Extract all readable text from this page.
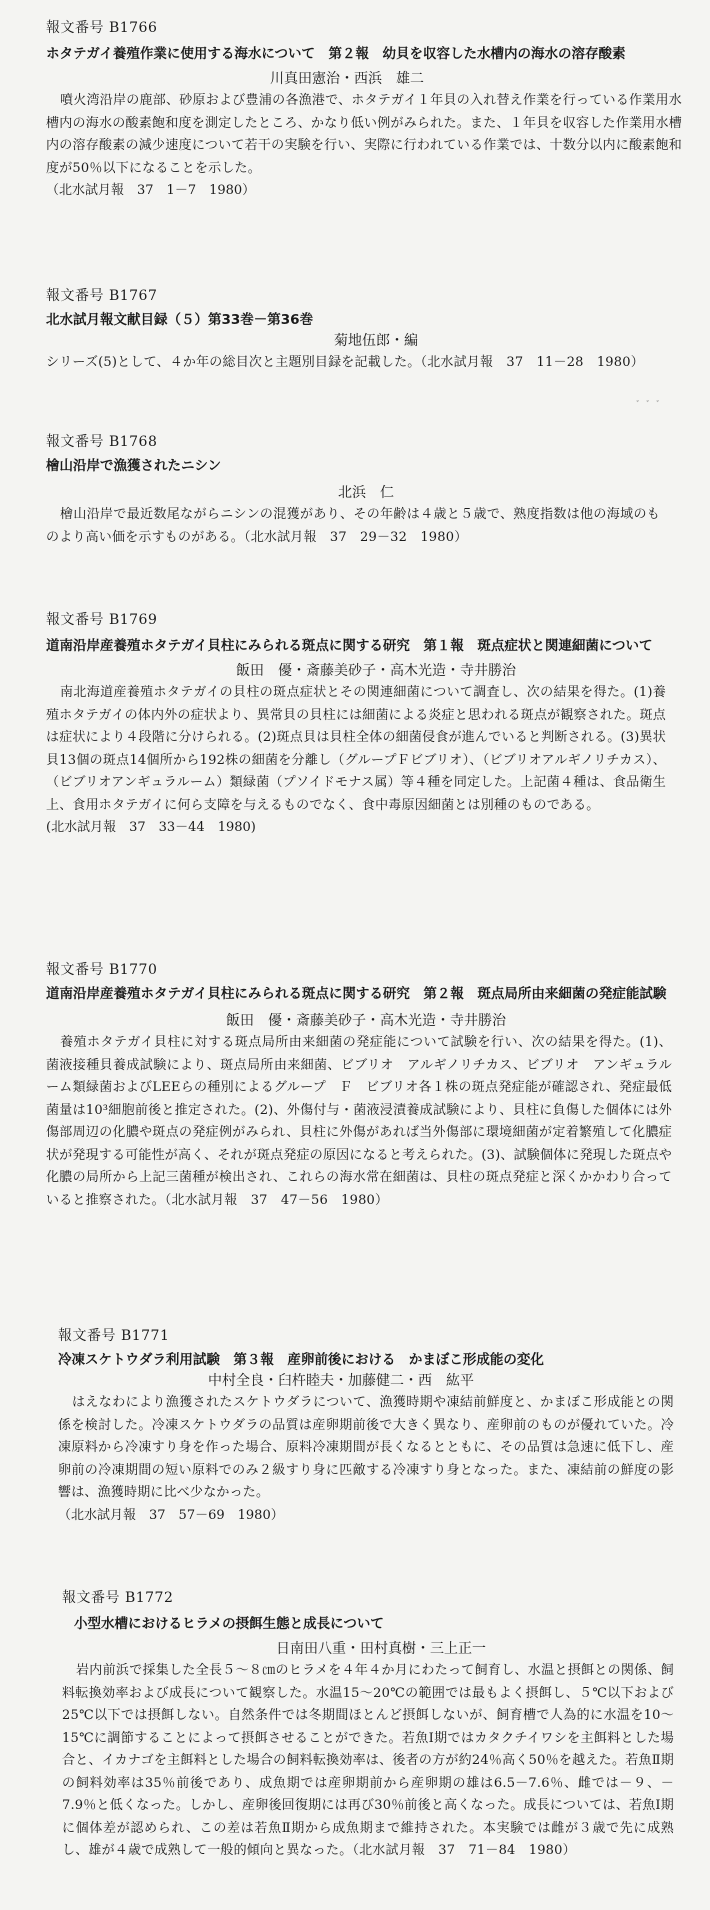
報文番号 B1766

ホタテガイ養殖作業に使用する海水について　第２報　幼貝を収容した水槽内の海水の溶存酸素

川真田憲治・西浜　雄二

噴火湾沿岸の鹿部、砂原および豊浦の各漁港で、ホタテガイ１年貝の入れ替え作業を行っている作業用水槽内の海水の酸素飽和度を測定したところ、かなり低い例がみられた。また、１年貝を収容した作業用水槽内の溶存酸素の減少速度について若干の実験を行い、実際に行われている作業では、十数分以内に酸素飽和度が50％以下になることを示した。

（北水試月報　37　1－7　1980）

報文番号 B1767

北水試月報文献目録（５）第33巻－第36巻

菊地伍郎・編

シリーズ(5)として、４か年の総目次と主題別目録を記載した。（北水試月報　37　11－28　1980）

゛゛゛

報文番号 B1768

檜山沿岸で漁獲されたニシン

北浜　仁

檜山沿岸で最近数尾ながらニシンの混獲があり、その年齢は４歳と５歳で、熟度指数は他の海域のものより高い価を示すものがある。（北水試月報　37　29－32　1980）

報文番号 B1769

道南沿岸産養殖ホタテガイ貝柱にみられる斑点に関する研究　第１報　斑点症状と関連細菌について

飯田　優・斎藤美砂子・高木光造・寺井勝治

南北海道産養殖ホタテガイの貝柱の斑点症状とその関連細菌について調査し、次の結果を得た。(1)養殖ホタテガイの体内外の症状より、異常貝の貝柱には細菌による炎症と思われる斑点が観察された。斑点は症状により４段階に分けられる。(2)斑点貝は貝柱全体の細菌侵食が進んでいると判断される。(3)異状貝13個の斑点14個所から192株の細菌を分離し（グループＦビブリオ）、（ビブリオアルギノリチカス）、（ビブリオアンギュラルーム）類緑菌（プソイドモナス属）等４種を同定した。上記菌４種は、食品衛生上、食用ホタテガイに何ら支障を与えるものでなく、食中毒原因細菌とは別種のものである。

(北水試月報　37　33－44　1980)

報文番号 B1770

道南沿岸産養殖ホタテガイ貝柱にみられる斑点に関する研究　第２報　斑点局所由来細菌の発症能試験

飯田　優・斎藤美砂子・高木光造・寺井勝治

養殖ホタテガイ貝柱に対する斑点局所由来細菌の発症能について試験を行い、次の結果を得た。(1)、菌液接種貝養成試験により、斑点局所由来細菌、ビブリオ　アルギノリチカス、ビブリオ　アンギュラルーム類緑菌およびLEEらの種別によるグループ　Ｆ　ビブリオ各１株の斑点発症能が確認され、発症最低菌量は10³細胞前後と推定された。(2)、外傷付与・菌液浸漬養成試験により、貝柱に負傷した個体には外傷部周辺の化膿や斑点の発症例がみられ、貝柱に外傷があれば当外傷部に環境細菌が定着繁殖して化膿症状が発現する可能性が高く、それが斑点発症の原因になると考えられた。(3)、試験個体に発現した斑点や化膿の局所から上記三菌種が検出され、これらの海水常在細菌は、貝柱の斑点発症と深くかかわり合っていると推察された。（北水試月報　37　47－56　1980）

報文番号 B1771

冷凍スケトウダラ利用試験　第３報　産卵前後における　かまぼこ形成能の変化

中村全良・臼杵睦夫・加藤健二・西　紘平

はえなわにより漁獲されたスケトウダラについて、漁獲時期や凍結前鮮度と、かまぼこ形成能との関係を検討した。冷凍スケトウダラの品質は産卵期前後で大きく異なり、産卵前のものが優れていた。冷凍原料から冷凍すり身を作った場合、原料冷凍期間が長くなるとともに、その品質は急速に低下し、産卵前の冷凍期間の短い原料でのみ２級すり身に匹敵する冷凍すり身となった。また、凍結前の鮮度の影響は、漁獲時期に比べ少なかった。

（北水試月報　37　57－69　1980）

報文番号 B1772

小型水槽におけるヒラメの摂餌生態と成長について

日南田八重・田村真樹・三上正一

岩内前浜で採集した全長５～８㎝のヒラメを４年４か月にわたって飼育し、水温と摂餌との関係、飼料転換効率および成長について観察した。水温15～20℃の範囲では最もよく摂餌し、５℃以下および25℃以下では摂餌しない。自然条件では冬期間ほとんど摂餌しないが、飼育槽で人為的に水温を10～15℃に調節することによって摂餌させることができた。若魚Ⅰ期ではカタクチイワシを主餌料とした場合と、イカナゴを主餌料とした場合の飼料転換効率は、後者の方が約24％高く50％を越えた。若魚Ⅱ期の飼料効率は35％前後であり、成魚期では産卵期前から産卵期の雄は6.5－7.6％、雌では－９、－7.9％と低くなった。しかし、産卵後回復期には再び30％前後と高くなった。成長については、若魚Ⅰ期に個体差が認められ、この差は若魚Ⅱ期から成魚期まで維持された。本実験では雌が３歳で先に成熟し、雄が４歳で成熟して一般的傾向と異なった。（北水試月報　37　71－84　1980）
